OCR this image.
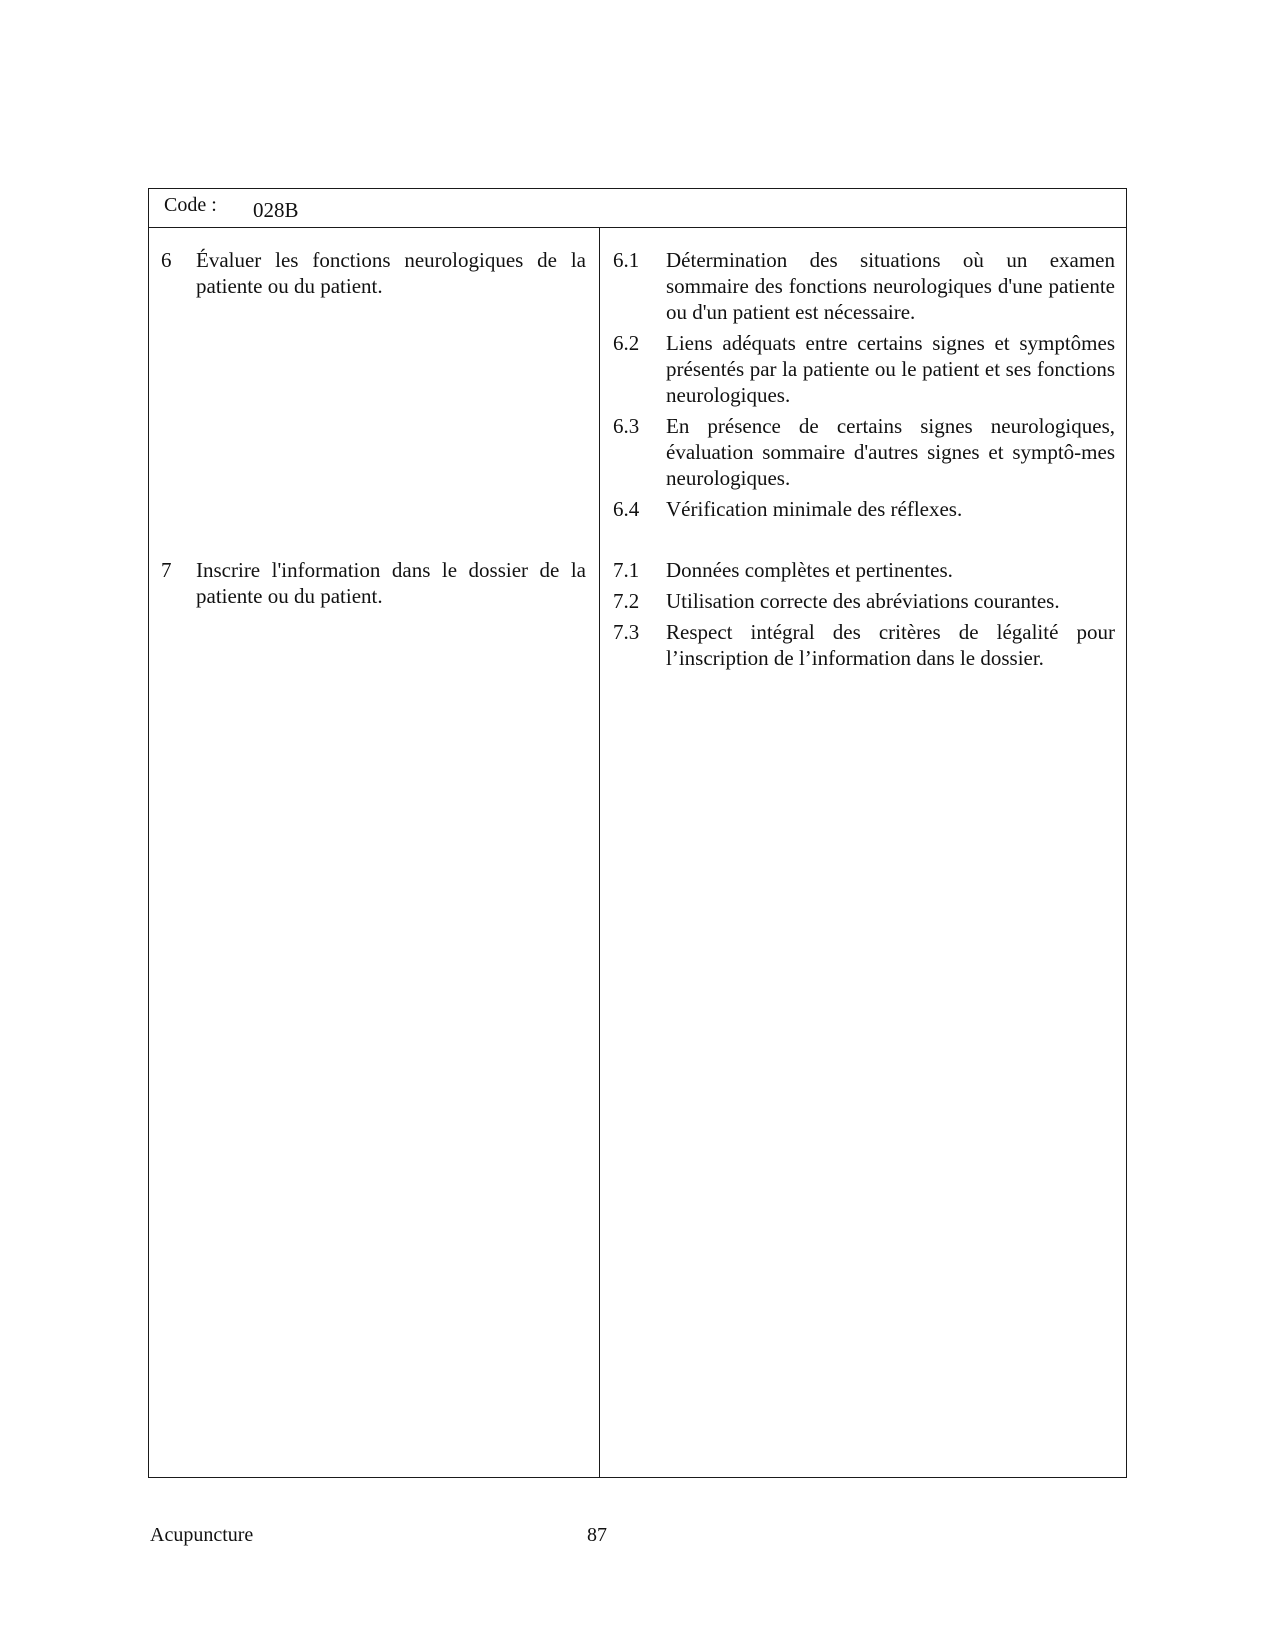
Code : 028B
6 Évaluer les fonctions neurologiques de la patiente ou du patient.
6.1 Détermination des situations où un examen sommaire des fonctions neurologiques d'une patiente ou d'un patient est nécessaire.
6.2 Liens adéquats entre certains signes et symptômes présentés par la patiente ou le patient et ses fonctions neurologiques.
6.3 En présence de certains signes neurologiques, évaluation sommaire d'autres signes et symptô-mes neurologiques.
6.4 Vérification minimale des réflexes.
7 Inscrire l'information dans le dossier de la patiente ou du patient.
7.1 Données complètes et pertinentes.
7.2 Utilisation correcte des abréviations courantes.
7.3 Respect intégral des critères de légalité pour l’inscription de l’information dans le dossier.
Acupuncture	87
